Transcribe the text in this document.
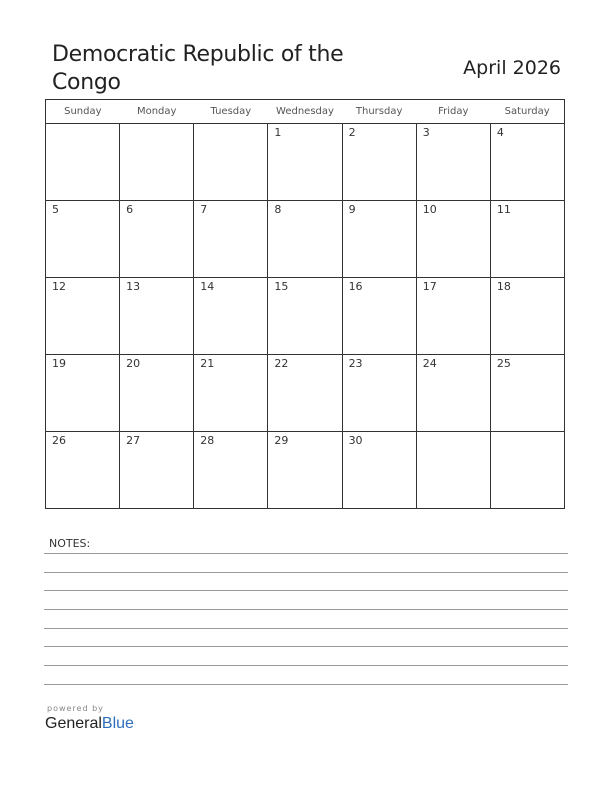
Democratic Republic of the Congo
April 2026
Sunday	Monday	Tuesday	Wednesday	Thursday	Friday	Saturday

			1	2	3	4

5	6	7	8	9	10	11

12	13	14	15	16	17	18

19	20	21	22	23	24	25

26	27	28	29	30		

NOTES:
powered by
GeneralBlue
